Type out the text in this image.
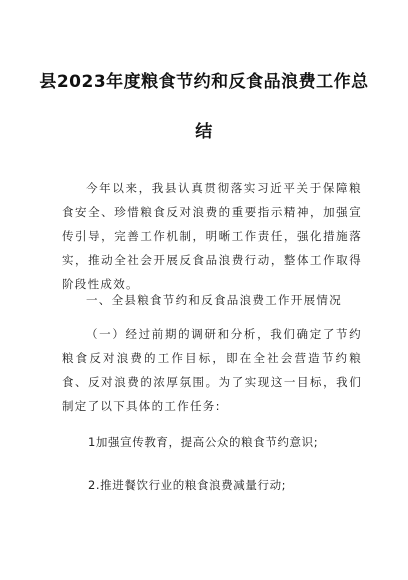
县2023年度粮食节约和反食品浪费工作总
结

今年以来，我县认真贯彻落实习近平关于保障粮食安全、珍惜粮食反对浪费的重要指示精神，加强宣传引导，完善工作机制，明晰工作责任，强化措施落实，推动全社会开展反食品浪费行动，整体工作取得阶段性成效。

一、全县粮食节约和反食品浪费工作开展情况

（一）经过前期的调研和分析，我们确定了节约粮食反对浪费的工作目标，即在全社会营造节约粮食、反对浪费的浓厚氛围。为了实现这一目标，我们制定了以下具体的工作任务:

1加强宣传教育，提高公众的粮食节约意识;

2.推进餐饮行业的粮食浪费减量行动;
